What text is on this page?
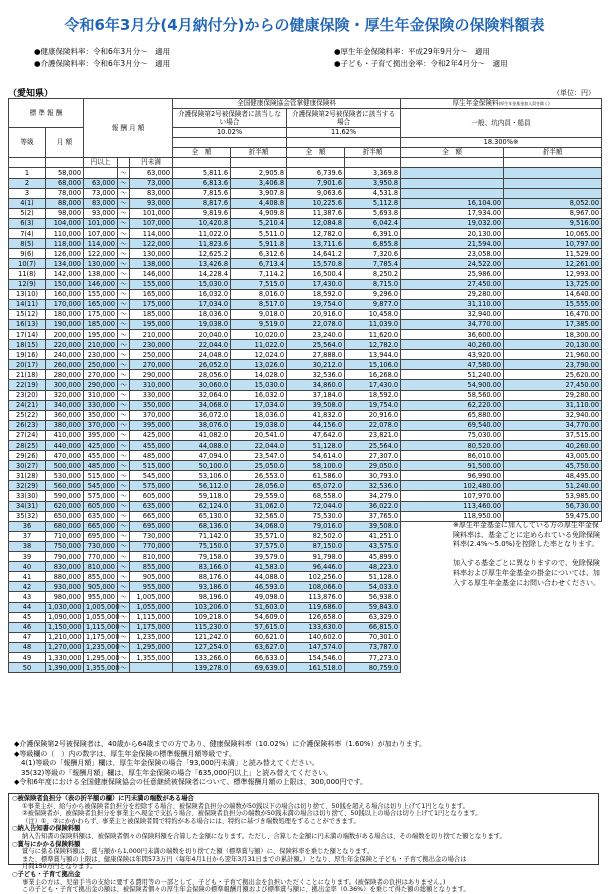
令和6年3月分(4月納付分)からの健康保険・厚生年金保険の保険料額表
●健康保険料率：令和6年3月分～　適用
●介護保険料率：令和6年3月分～　適用
●厚生年金保険料率：平成29年9月分～　適用
●子ども・子育て拠出金率：令和2年4月分～　適用
（愛知県）	（単位：円）
標 準 報 酬		報 酬 月 額			全国健康保険協会管掌健康保険料				厚生年金保険料(厚生年金基金加入員を除く)	
					介護保険第2号被保険者に該当しない場合		介護保険第2号被保険者に該当する場合		一般、坑内員・船員	
等級	月 額				10.02%		11.62%			
									18.300%※	
					全　額	折半額	全　額	折半額	全　額	折半額
		円以上		円未満						
1	58,000		～	63,000	5,811.6	2,905.8	6,739.6	3,369.8		
2	68,000	63,000	～	73,000	6,813.6	3,406.8	7,901.6	3,950.8		
3	78,000	73,000	～	83,000	7,815.6	3,907.8	9,063.6	4,531.8		
4(1)	88,000	83,000	～	93,000	8,817.6	4,408.8	10,225.6	5,112.8	16,104.00	8,052.00
5(2)	98,000	93,000	～	101,000	9,819.6	4,909.8	11,387.6	5,693.8	17,934.00	8,967.00
6(3)	104,000	101,000	～	107,000	10,420.8	5,210.4	12,084.8	6,042.4	19,032.00	9,516.00
7(4)	110,000	107,000	～	114,000	11,022.0	5,511.0	12,782.0	6,391.0	20,130.00	10,065.00
8(5)	118,000	114,000	～	122,000	11,823.6	5,911.8	13,711.6	6,855.8	21,594.00	10,797.00
9(6)	126,000	122,000	～	130,000	12,625.2	6,312.6	14,641.2	7,320.6	23,058.00	11,529.00
10(7)	134,000	130,000	～	138,000	13,426.8	6,713.4	15,570.8	7,785.4	24,522.00	12,261.00
11(8)	142,000	138,000	～	146,000	14,228.4	7,114.2	16,500.4	8,250.2	25,986.00	12,993.00
12(9)	150,000	146,000	～	155,000	15,030.0	7,515.0	17,430.0	8,715.0	27,450.00	13,725.00
13(10)	160,000	155,000	～	165,000	16,032.0	8,016.0	18,592.0	9,296.0	29,280.00	14,640.00
14(11)	170,000	165,000	～	175,000	17,034.0	8,517.0	19,754.0	9,877.0	31,110.00	15,555.00
15(12)	180,000	175,000	～	185,000	18,036.0	9,018.0	20,916.0	10,458.0	32,940.00	16,470.00
16(13)	190,000	185,000	～	195,000	19,038.0	9,519.0	22,078.0	11,039.0	34,770.00	17,385.00
17(14)	200,000	195,000	～	210,000	20,040.0	10,020.0	23,240.0	11,620.0	36,600.00	18,300.00
18(15)	220,000	210,000	～	230,000	22,044.0	11,022.0	25,564.0	12,782.0	40,260.00	20,130.00
19(16)	240,000	230,000	～	250,000	24,048.0	12,024.0	27,888.0	13,944.0	43,920.00	21,960.00
20(17)	260,000	250,000	～	270,000	26,052.0	13,026.0	30,212.0	15,106.0	47,580.00	23,790.00
21(18)	280,000	270,000	～	290,000	28,056.0	14,028.0	32,536.0	16,268.0	51,240.00	25,620.00
22(19)	300,000	290,000	～	310,000	30,060.0	15,030.0	34,860.0	17,430.0	54,900.00	27,450.00
23(20)	320,000	310,000	～	330,000	32,064.0	16,032.0	37,184.0	18,592.0	58,560.00	29,280.00
24(21)	340,000	330,000	～	350,000	34,068.0	17,034.0	39,508.0	19,754.0	62,220.00	31,110.00
25(22)	360,000	350,000	～	370,000	36,072.0	18,036.0	41,832.0	20,916.0	65,880.00	32,940.00
26(23)	380,000	370,000	～	395,000	38,076.0	19,038.0	44,156.0	22,078.0	69,540.00	34,770.00
27(24)	410,000	395,000	～	425,000	41,082.0	20,541.0	47,642.0	23,821.0	75,030.00	37,515.00
28(25)	440,000	425,000	～	455,000	44,088.0	22,044.0	51,128.0	25,564.0	80,520.00	40,260.00
29(26)	470,000	455,000	～	485,000	47,094.0	23,547.0	54,614.0	27,307.0	86,010.00	43,005.00
30(27)	500,000	485,000	～	515,000	50,100.0	25,050.0	58,100.0	29,050.0	91,500.00	45,750.00
31(28)	530,000	515,000	～	545,000	53,106.0	26,553.0	61,586.0	30,793.0	96,990.00	48,495.00
32(29)	560,000	545,000	～	575,000	56,112.0	28,056.0	65,072.0	32,536.0	102,480.00	51,240.00
33(30)	590,000	575,000	～	605,000	59,118.0	29,559.0	68,558.0	34,279.0	107,970.00	53,985.00
34(31)	620,000	605,000	～	635,000	62,124.0	31,062.0	72,044.0	36,022.0	113,460.00	56,730.00
35(32)	650,000	635,000	～	665,000	65,130.0	32,565.0	75,530.0	37,765.0	118,950.00	59,475.00
36	680,000	665,000	～	695,000	68,136.0	34,068.0	79,016.0	39,508.0		
37	710,000	695,000	～	730,000	71,142.0	35,571.0	82,502.0	41,251.0		
38	750,000	730,000	～	770,000	75,150.0	37,575.0	87,150.0	43,575.0		
39	790,000	770,000	～	810,000	79,158.0	39,579.0	91,798.0	45,899.0		
40	830,000	810,000	～	855,000	83,166.0	41,583.0	96,446.0	48,223.0		
41	880,000	855,000	～	905,000	88,176.0	44,088.0	102,256.0	51,128.0		
42	930,000	905,000	～	955,000	93,186.0	46,593.0	108,066.0	54,033.0		
43	980,000	955,000	～	1,005,000	98,196.0	49,098.0	113,876.0	56,938.0		
44	1,030,000	1,005,000	～	1,055,000	103,206.0	51,603.0	119,686.0	59,843.0		
45	1,090,000	1,055,000	～	1,115,000	109,218.0	54,609.0	126,658.0	63,329.0		
46	1,150,000	1,115,000	～	1,175,000	115,230.0	57,615.0	133,630.0	66,815.0		
47	1,210,000	1,175,000	～	1,235,000	121,242.0	60,621.0	140,602.0	70,301.0		
48	1,270,000	1,235,000	～	1,295,000	127,254.0	63,627.0	147,574.0	73,787.0		
49	1,330,000	1,295,000	～	1,355,000	133,266.0	66,633.0	154,546.0	77,273.0		
50	1,390,000	1,355,000	～		139,278.0	69,639.0	161,518.0	80,759.0		
※厚生年金基金に加入している方の厚生年金保険料率は、基金ごとに定められている免除保険料率(2.4%～5.0%)を控除した率となります。

加入する基金ごとに異なりますので、免除保険料率および厚生年金基金の掛金については、加入する厚生年金基金にお問い合わせください。
◆介護保険第2号被保険者は、40歳から64歳までの方であり、健康保険料率（10.02%）に介護保険料率（1.60%）が加わります。
◆等級欄の（　）内の数字は、厚生年金保険の標準報酬月額等級です。
　4(1)等級の「報酬月額」欄は、厚生年金保険の場合「93,000円未満」と読み替えてください。
　35(32)等級の「報酬月額」欄は、厚生年金保険の場合「635,000円以上」と読み替えてください。
◆令和6年度における全国健康保険協会の任意継続被保険者について、標準報酬月額の上限は、300,000円です。
○被保険者負担分（表の折半額の欄）に円未満の端数がある場合
①事業主が、給与から被保険者負担分を控除する場合、被保険者負担分の端数が50銭以下の場合は切り捨て、50銭を超える場合は切り上げて1円となります。
②被保険者が、被保険者負担分を事業主へ現金で支払う場合、被保険者負担分の端数が50銭未満の場合は切り捨て、50銭以上の場合は切り上げて1円となります。
（注）①、②にかかわらず、事業主と被保険者間で特約がある場合には、特約に基づき端数処理をすることができます。
○納入告知書の保険料額
納入告知書の保険料額は、被保険者個々の保険料額を合算した金額になります。ただし、合算した金額に円未満の端数がある場合は、その端数を切り捨てた額となります。
○賞与にかかる保険料額
賞与に係る保険料額は、賞与額から1,000円未満の端数を切り捨てた額（標準賞与額）に、保険料率を乗じた額となります。
また、標準賞与額の上限は、健康保険は年間573万円（毎年4月1日から翌年3月31日までの累計額。）となり、厚生年金保険と子ども・子育て拠出金の場合は
月間150万円となります。
○子ども・子育て拠出金
事業主の方は、児童手当の支給に要する費用等の一部として、子ども・子育て拠出金を負担いただくことになります。(被保険者の負担はありません。)
この子ども・子育て拠出金の額は、被保険者個々の厚生年金保険の標準報酬月額および標準賞与額に、拠出金率（0.36%）を乗じて得た額の総額となります。
